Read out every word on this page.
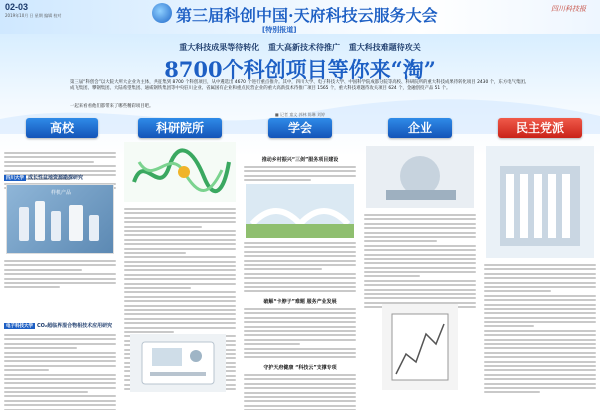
02-03
2019年10月 日 星期 编辑 校对	第三届科创中国·天府科技云服务大会	四川科技报
[特别报道]
重大科技成果等待转化 重大高新技术待推广 重大科技难题待攻关
8700个科创项目等你来“淘”
第三届“科创会”以大院大所大企业为主体，共征集到 8700 个科创项目，从中遴选出 4670 个进行重点推介。其中，四川大学、电子科技大学、中国科学院成都分院等高校、科研院所的重大科技成果待转化项目 2430 个，东方电气集团、成飞集团、攀钢集团、大陆希望集团、通威钢铁集团等中央驻川企业、省属国有企业和重点民营企业的重大高新技术待推广项目 1565 个，重大科技难题待攻关项目 624 个，金融创投产品 51 个。
一起来看看他们都带来了哪些精彩项目吧。
高校
四川大学 成长性盆地资源勘探研究
样机产品
电子科技大学 CO₂超临界混合物相技术应用研究
科研院所	学会
推动乡村振兴“三剑”服务项目建设
破解“卡脖子”难题 服务产业发展
守护天府健康 “科技云”支撑专项
企业	民主党派
■ 记者 童文 郭林 陈琳 刘婷
